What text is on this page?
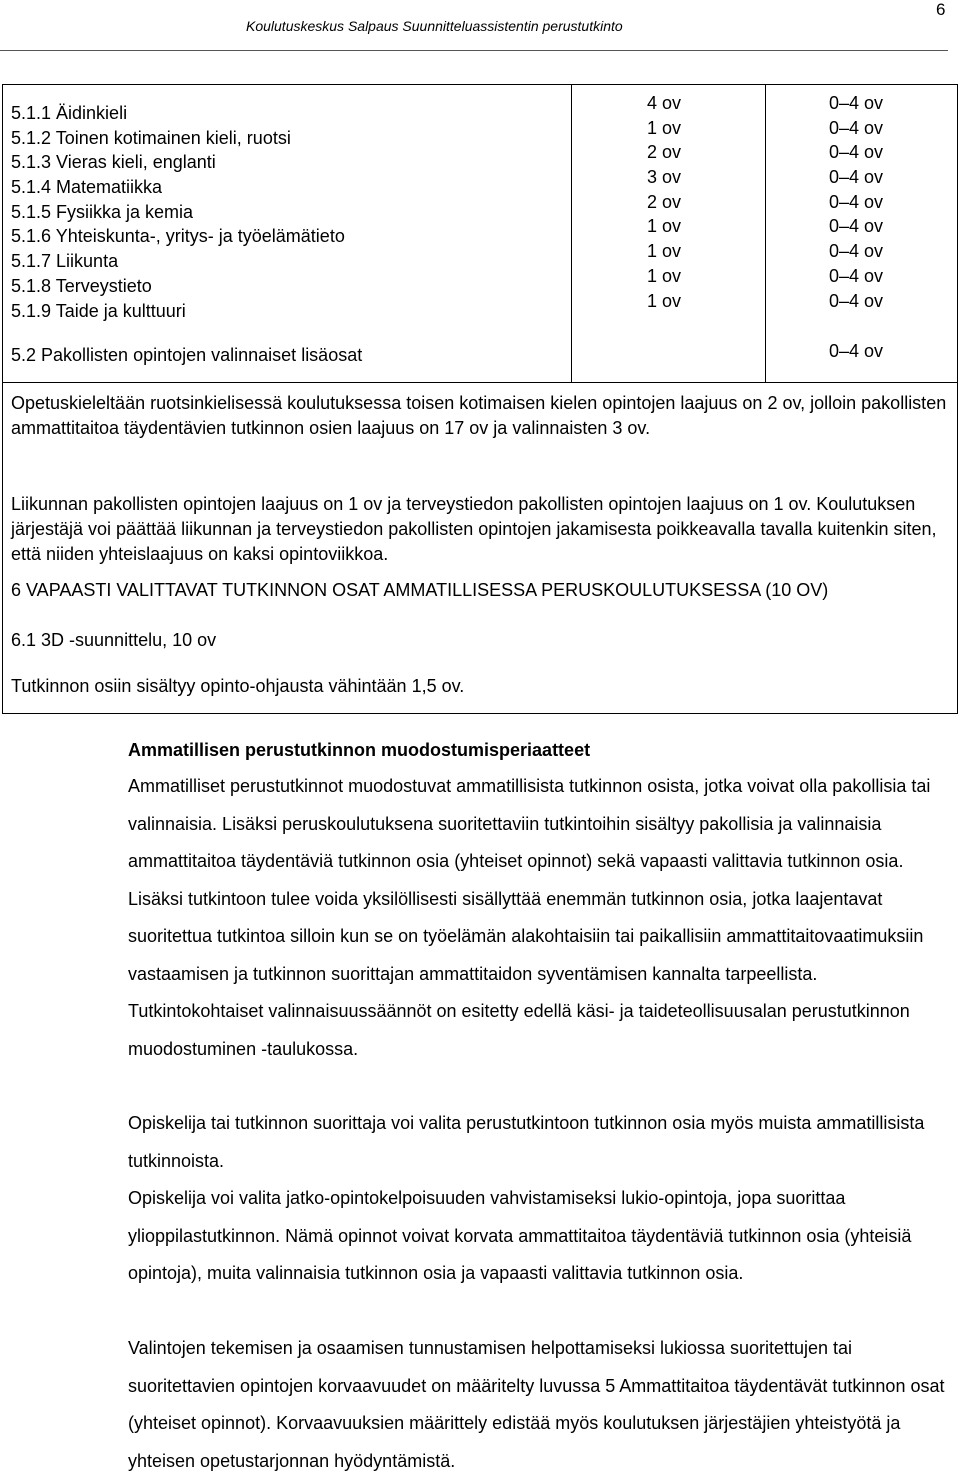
Koulutuskeskus Salpaus Suunnitteluassistentin perustutkinto
6
5.1.1 Äidinkieli
5.1.2 Toinen kotimainen kieli, ruotsi
5.1.3 Vieras kieli, englanti
5.1.4 Matematiikka
5.1.5 Fysiikka ja kemia
5.1.6 Yhteiskunta-, yritys- ja työelämätieto
5.1.7 Liikunta
5.1.8 Terveystieto
5.1.9 Taide ja kulttuuri
4 ov
1 ov
2 ov
3 ov
2 ov
1 ov
1 ov
1 ov
1 ov
0–4 ov
0–4 ov
0–4 ov
0–4 ov
0–4 ov
0–4 ov
0–4 ov
0–4 ov
0–4 ov
5.2 Pakollisten opintojen valinnaiset lisäosat	0–4 ov
Opetuskieleltään ruotsinkielisessä koulutuksessa toisen kotimaisen kielen opintojen laajuus on 2 ov, jolloin pakollisten ammattitaitoa täydentävien tutkinnon osien laajuus on 17 ov ja valinnaisten 3 ov.
Liikunnan pakollisten opintojen laajuus on 1 ov ja terveystiedon pakollisten opintojen laajuus on 1 ov. Koulutuksen järjestäjä voi päättää liikunnan ja terveystiedon pakollisten opintojen jakamisesta poikkeavalla tavalla kuitenkin siten, että niiden yhteislaajuus on kaksi opintoviikkoa.
6 VAPAASTI VALITTAVAT TUTKINNON OSAT AMMATILLISESSA PERUSKOULUTUKSESSA (10 OV)
6.1 3D -suunnittelu, 10 ov
Tutkinnon osiin sisältyy opinto-ohjausta vähintään 1,5 ov.
Ammatillisen perustutkinnon muodostumisperiaatteet
Ammatilliset perustutkinnot muodostuvat ammatillisista tutkinnon osista, jotka voivat olla pakollisia tai valinnaisia. Lisäksi peruskoulutuksena suoritettaviin tutkintoihin sisältyy pakollisia ja valinnaisia ammattitaitoa täydentäviä tutkinnon osia (yhteiset opinnot) sekä vapaasti valittavia tutkinnon osia. Lisäksi tutkintoon tulee voida yksilöllisesti sisällyttää enemmän tutkinnon osia, jotka laajentavat suoritettua tutkintoa silloin kun se on työelämän alakohtaisiin tai paikallisiin ammattitaitovaatimuksiin vastaamisen ja tutkinnon suorittajan ammattitaidon syventämisen kannalta tarpeellista. Tutkintokohtaiset valinnaisuussäännöt on esitetty edellä käsi- ja taideteollisuusalan perustutkinnon muodostuminen -taulukossa.
Opiskelija tai tutkinnon suorittaja voi valita perustutkintoon tutkinnon osia myös muista ammatillisista tutkinnoista.
Opiskelija voi valita jatko-opintokelpoisuuden vahvistamiseksi lukio-opintoja, jopa suorittaa ylioppilastutkinnon. Nämä opinnot voivat korvata ammattitaitoa täydentäviä tutkinnon osia (yhteisiä opintoja), muita valinnaisia tutkinnon osia ja vapaasti valittavia tutkinnon osia.
Valintojen tekemisen ja osaamisen tunnustamisen helpottamiseksi lukiossa suoritettujen tai suoritettavien opintojen korvaavuudet on määritelty luvussa 5 Ammattitaitoa täydentävät tutkinnon osat (yhteiset opinnot). Korvaavuuksien määrittely edistää myös koulutuksen järjestäjien yhteistyötä ja yhteisen opetustarjonnan hyödyntämistä.
